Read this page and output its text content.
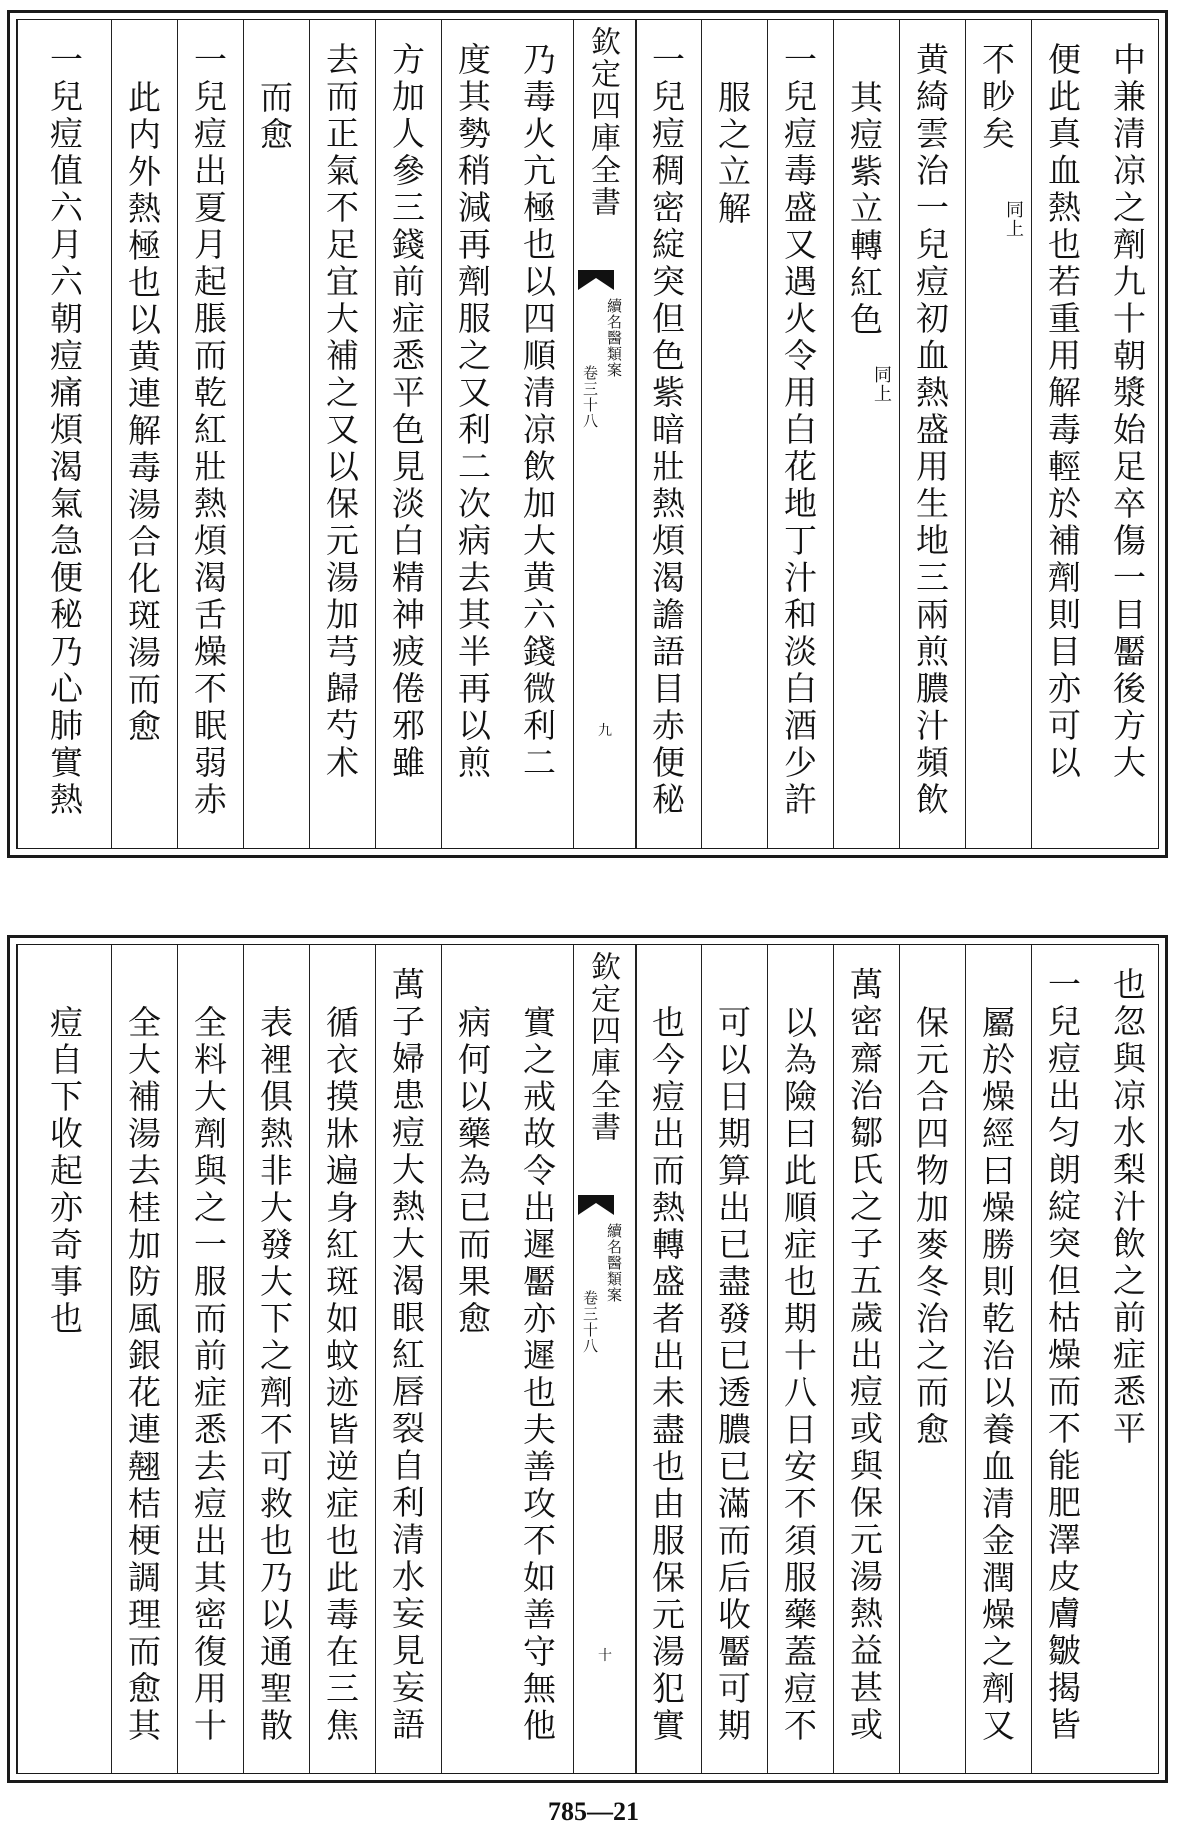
中兼清凉之劑九十朝漿始足卒傷一目靨後方大
便此真血熱也若重用解毒輕於補劑則目亦可以
不眇矣
同上
黄綺雲治一兒痘初血熱盛用生地三兩煎膿汁頻飲
其痘紫立轉紅色
同上
一兒痘毒盛又遇火令用白花地丁汁和淡白酒少許
服之立解
一兒痘稠密綻突但色紫暗壯熱煩渴譫語目赤便秘
欽定四庫全書
續名醫類案
卷三十八
九
乃毒火亢極也以四順清凉飲加大黄六錢微利二
度其勢稍減再劑服之又利二次病去其半再以煎
方加人參三錢前症悉平色見淡白精神疲倦邪雖
去而正氣不足宜大補之又以保元湯加芎歸芍术
而愈
一兒痘出夏月起脹而乾紅壯熱煩渴舌燥不眠弱赤
此内外熱極也以黄連解毒湯合化斑湯而愈
一兒痘值六月六朝痘痛煩渴氣急便秘乃心肺實熱
也忽與凉水梨汁飲之前症悉平
一兒痘出匀朗綻突但枯燥而不能肥澤皮膚皺揭皆
屬於燥經曰燥勝則乾治以養血清金潤燥之劑又
保元合四物加麥冬治之而愈
萬密齋治鄒氏之子五歲出痘或與保元湯熱益甚或
以為險曰此順症也期十八日安不須服藥蓋痘不
可以日期算出已盡發已透膿已滿而后收靨可期
也今痘出而熱轉盛者出未盡也由服保元湯犯實
欽定四庫全書
續名醫類案
卷三十八
十
實之戒故令出遲靨亦遲也夫善攻不如善守無他
病何以藥為已而果愈
萬子婦患痘大熱大渴眼紅唇裂自利清水妄見妄語
循衣摸牀遍身紅斑如蚊迹皆逆症也此毒在三焦
表裡俱熱非大發大下之劑不可救也乃以通聖散
全料大劑與之一服而前症悉去痘出其密復用十
全大補湯去桂加防風銀花連翹桔梗調理而愈其
痘自下收起亦奇事也
785—21
